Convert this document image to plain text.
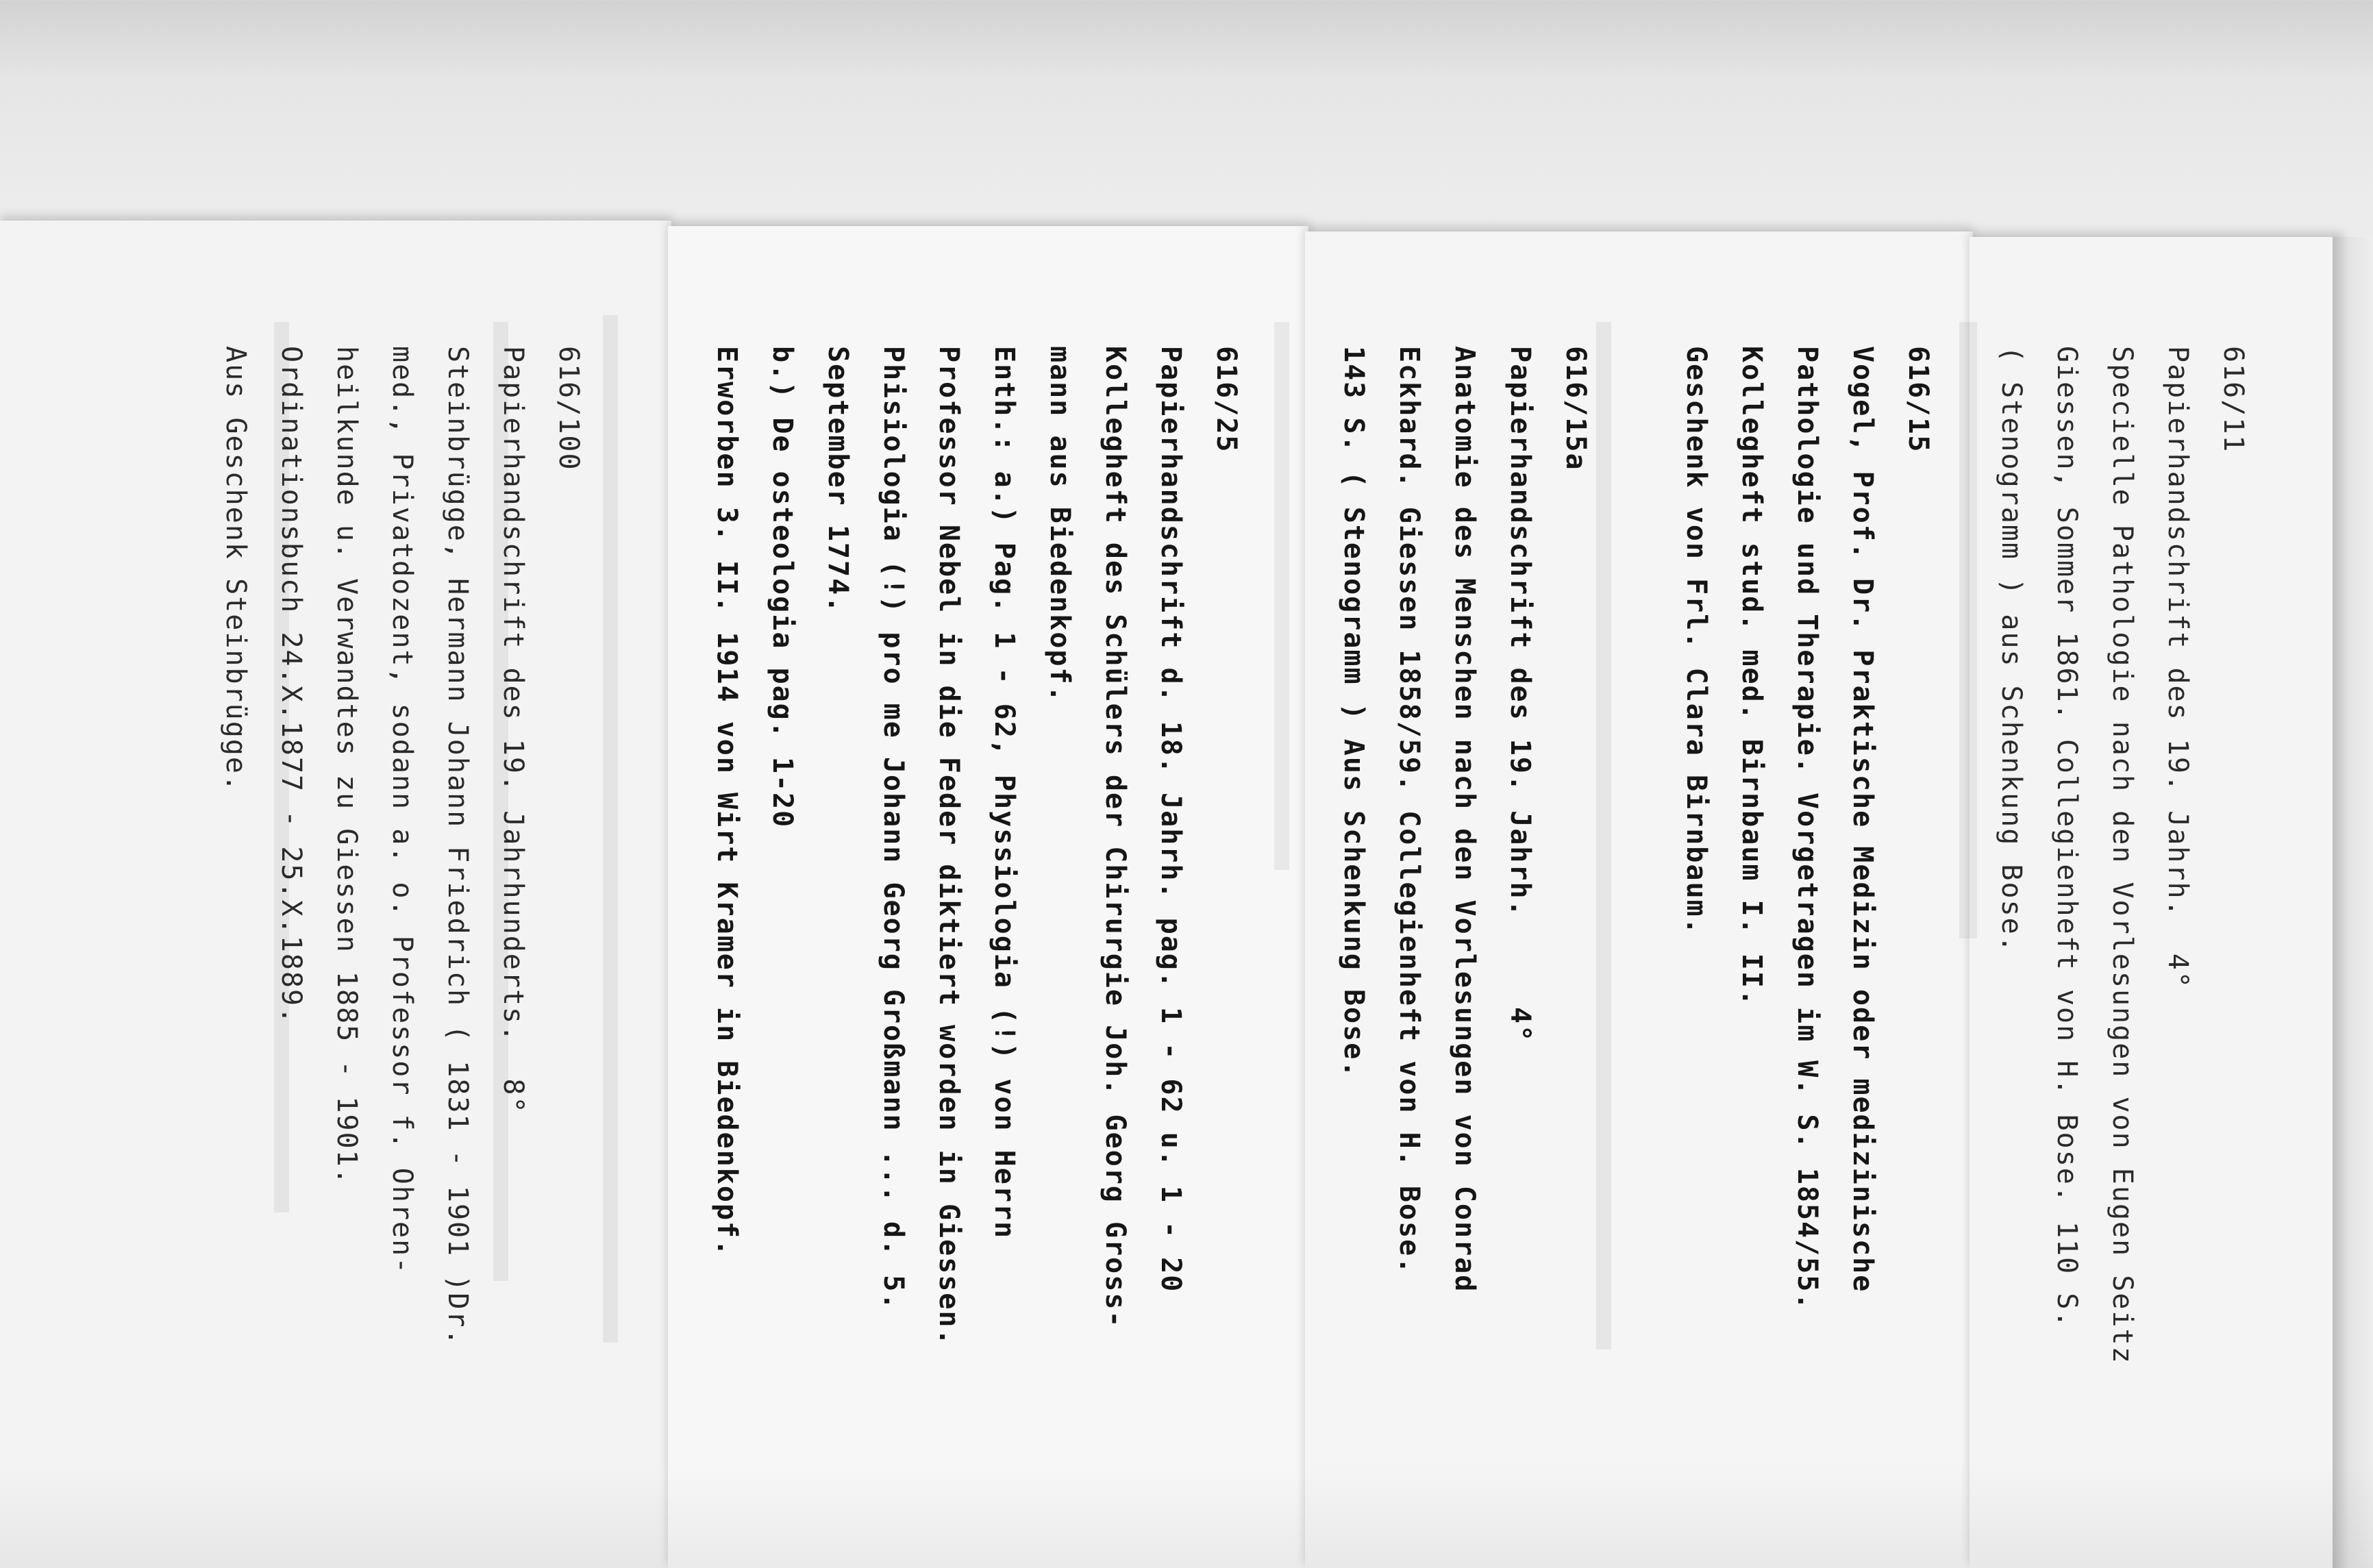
616/11
Papierhandschrift des 19. Jahrh.  4°
Specielle Pathologie nach den Vorlesungen von Eugen Seitz
Giessen, Sommer 1861. Collegienheft von H. Bose. 110 S.
( Stenogramm ) aus Schenkung Bose.
616/15
Vogel, Prof. Dr. Praktische Medizin oder medizinische
Pathologie und Therapie. Vorgetragen im W. S. 1854/55.
Kollegheft stud. med. Birnbaum I. II.
Geschenk von Frl. Clara Birnbaum.
616/15a
Papierhandschrift des 19. Jahrh.     4°
Anatomie des Menschen nach den Vorlesungen von Conrad
Eckhard. Giessen 1858/59. Collegienheft von H. Bose.
143 S. ( Stenogramm ) Aus Schenkung Bose.
616/25
Papierhandschrift d. 18. Jahrh. pag. 1 - 62 u. 1 - 20
Kollegheft des Schülers der Chirurgie Joh. Georg Gross-
mann aus Biedenkopf.
Enth.: a.) Pag. 1 - 62, Physsiologia (!) von Herrn
Professor Nebel in die Feder diktiert worden in Giessen.
Phisiologia (!) pro me Johann Georg Großmann ... d. 5.
September 1774.
b.) De osteologia pag. 1-20
Erworben 3. II. 1914 von Wirt Kramer in Biedenkopf.
616/100
Papierhandschrift des 19. Jahrhunderts.  8°
Steinbrügge, Hermann Johann Friedrich ( 1831 - 1901 )Dr.
med., Privatdozent, sodann a. o. Professor f. Ohren-
heilkunde u. Verwandtes zu Giessen 1885 - 1901.
Ordinationsbuch 24.X.1877 - 25.X.1889.
Aus Geschenk Steinbrügge.
